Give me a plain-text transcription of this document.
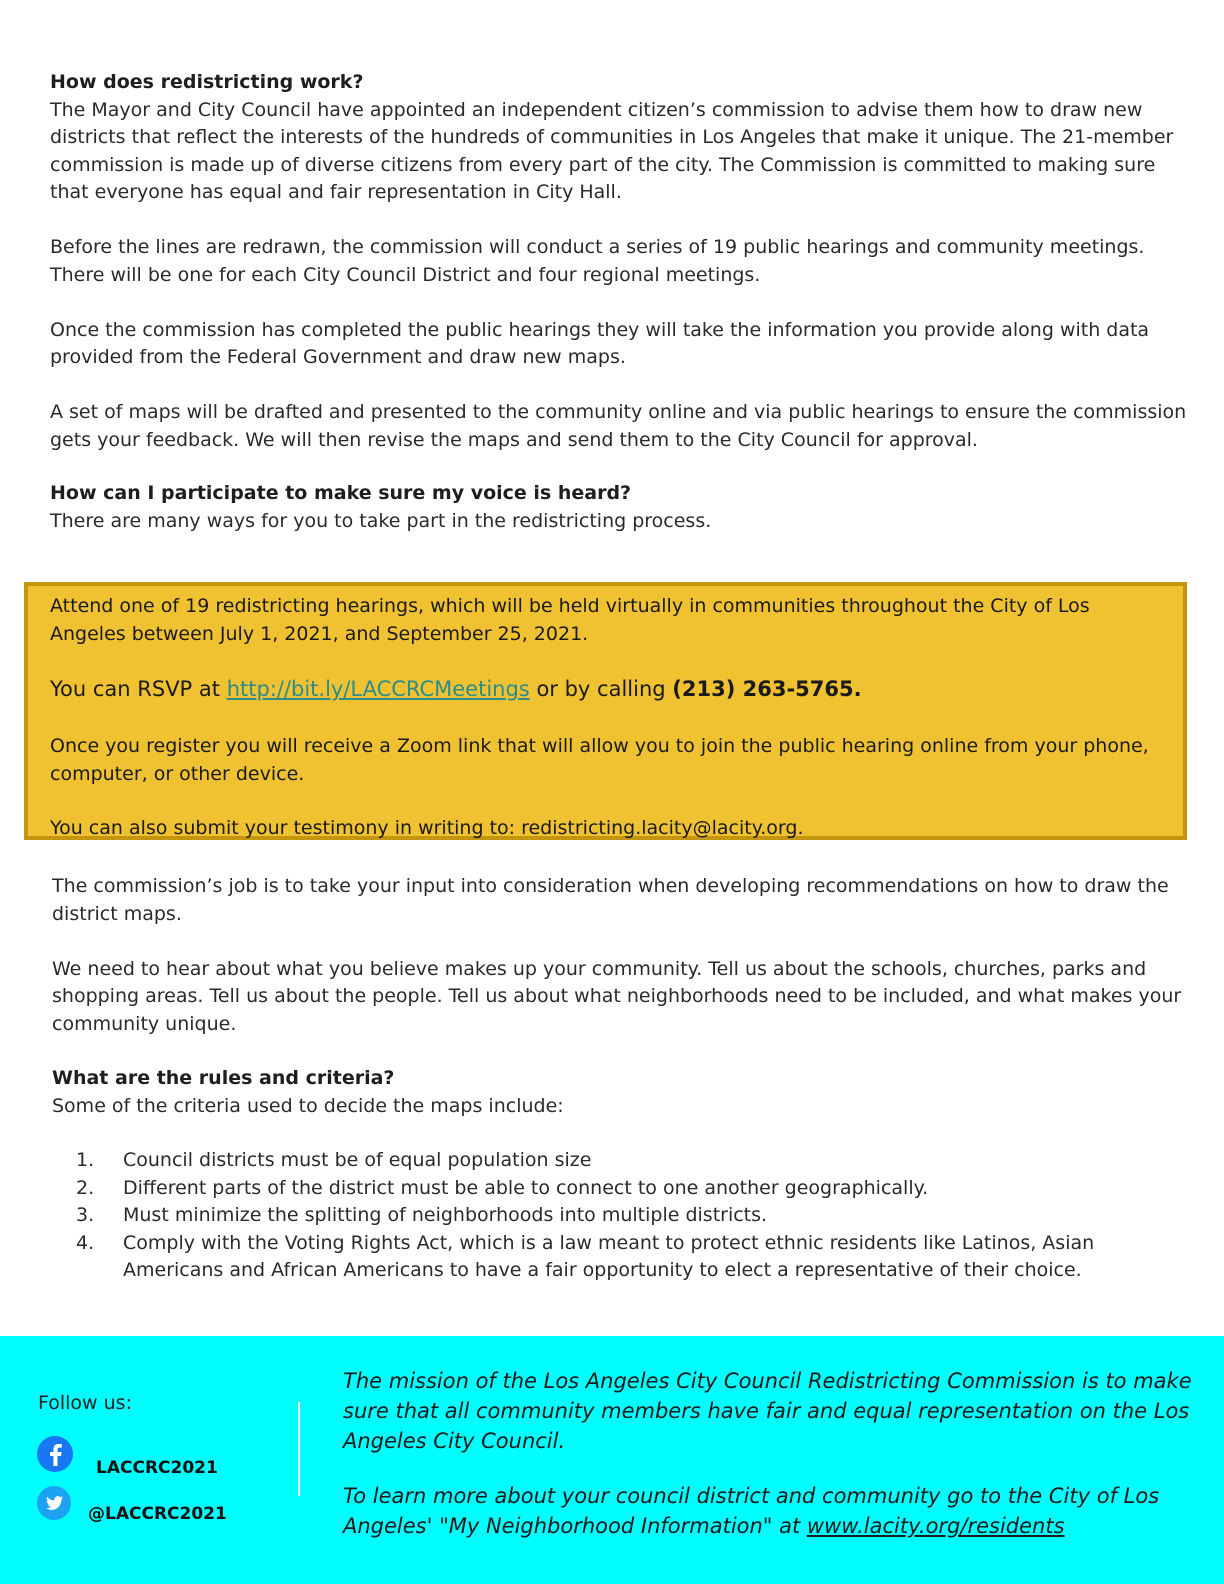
How does redistricting work?

The Mayor and City Council have appointed an independent citizen’s commission to advise them how to draw new districts that reflect the interests of the hundreds of communities in Los Angeles that make it unique. The 21-member commission is made up of diverse citizens from every part of the city. The Commission is committed to making sure that everyone has equal and fair representation in City Hall.

Before the lines are redrawn, the commission will conduct a series of 19 public hearings and community meetings. There will be one for each City Council District and four regional meetings.

Once the commission has completed the public hearings they will take the information you provide along with data provided from the Federal Government and draw new maps.

A set of maps will be drafted and presented to the community online and via public hearings to ensure the commission gets your feedback. We will then revise the maps and send them to the City Council for approval.

How can I participate to make sure my voice is heard?

There are many ways for you to take part in the redistricting process.

Attend one of 19 redistricting hearings, which will be held virtually in communities throughout the City of Los Angeles between July 1, 2021, and September 25, 2021.

You can RSVP at http://bit.ly/LACCRCMeetings or by calling (213) 263-5765.

Once you register you will receive a Zoom link that will allow you to join the public hearing online from your phone, computer, or other device.

You can also submit your testimony in writing to: redistricting.lacity@lacity.org.

The commission’s job is to take your input into consideration when developing recommendations on how to draw the district maps.

We need to hear about what you believe makes up your community. Tell us about the schools, churches, parks and shopping areas. Tell us about the people. Tell us about what neighborhoods need to be included, and what makes your community unique.

What are the rules and criteria?

Some of the criteria used to decide the maps include:

1. Council districts must be of equal population size
2. Different parts of the district must be able to connect to one another geographically.
3. Must minimize the splitting of neighborhoods into multiple districts.
4. Comply with the Voting Rights Act, which is a law meant to protect ethnic residents like Latinos, Asian Americans and African Americans to have a fair opportunity to elect a representative of their choice.
Follow us:
LACCRC2021
@LACCRC2021

The mission of the Los Angeles City Council Redistricting Commission is to make sure that all community members have fair and equal representation on the Los Angeles City Council.

To learn more about your council district and community go to the City of Los Angeles' "My Neighborhood Information" at www.lacity.org/residents
